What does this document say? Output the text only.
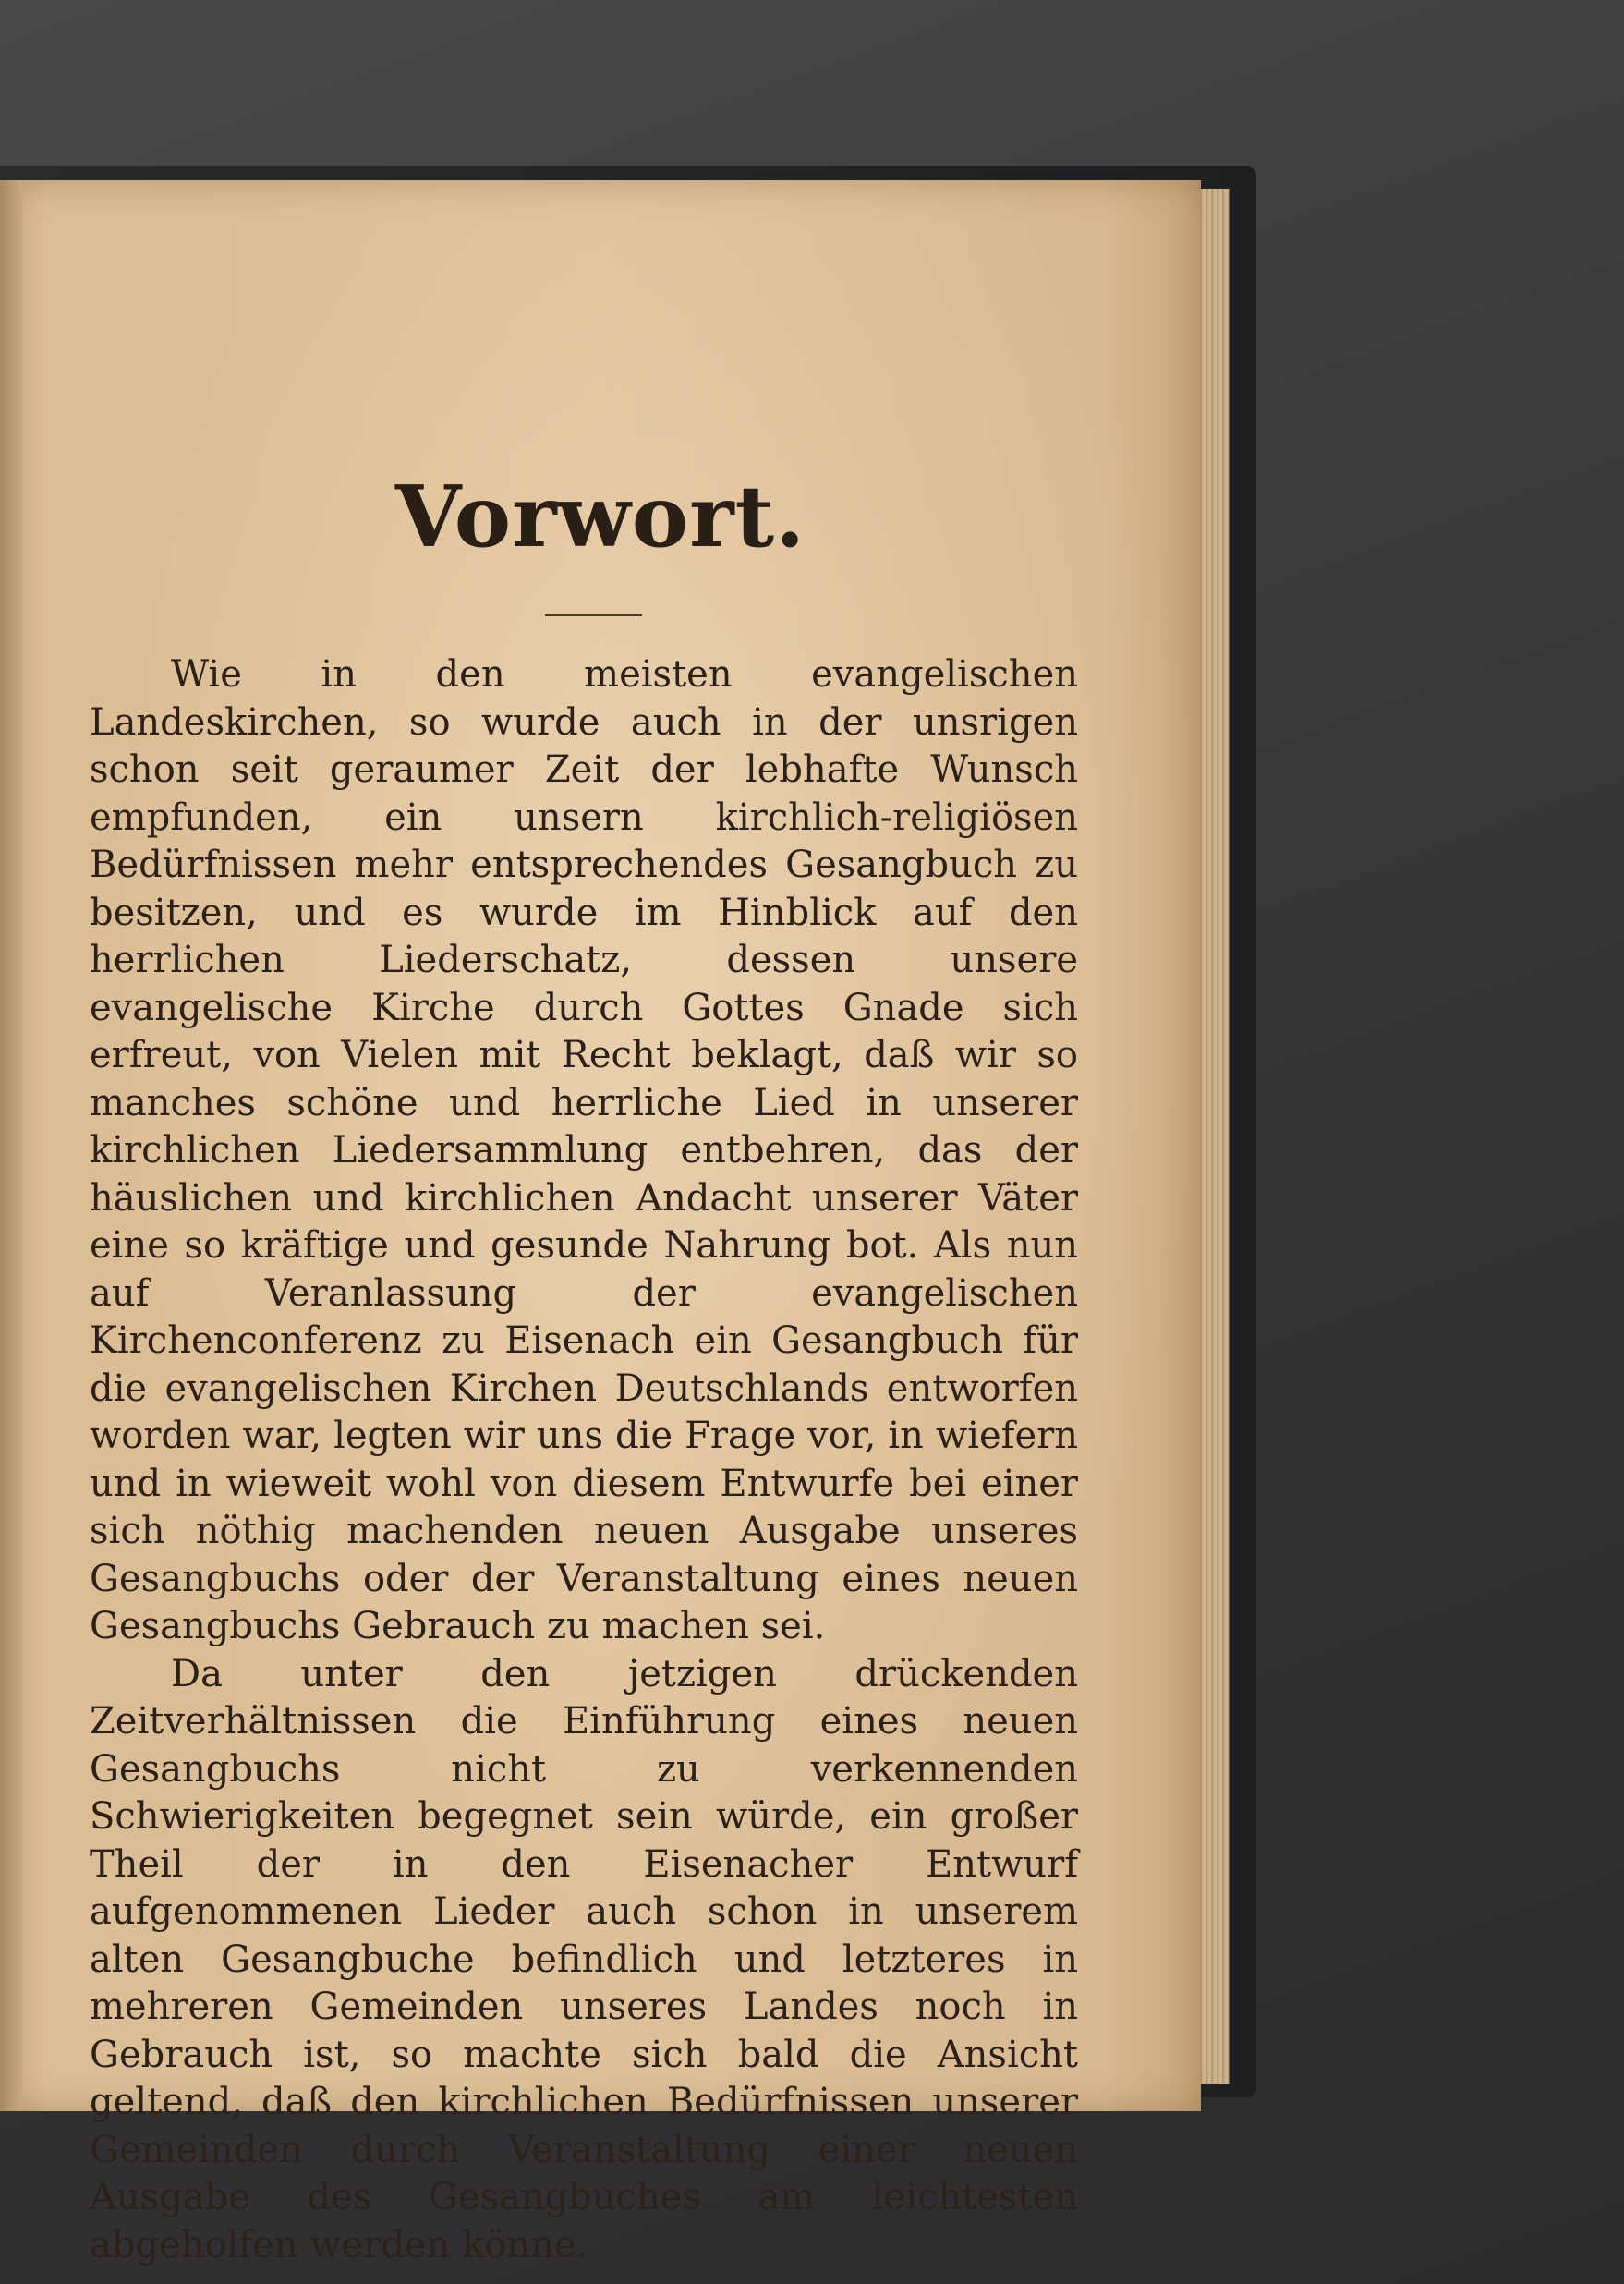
Vorwort.

Wie in den meisten evangelischen Landeskirchen, so wurde auch in der unsrigen schon seit geraumer Zeit der lebhafte Wunsch empfunden, ein unsern kirchlich-religiösen Bedürfnissen mehr entsprechendes Gesangbuch zu besitzen, und es wurde im Hinblick auf den herrlichen Liederschatz, dessen unsere evangelische Kirche durch Gottes Gnade sich erfreut, von Vielen mit Recht beklagt, daß wir so manches schöne und herrliche Lied in unserer kirchlichen Liedersammlung entbehren, das der häuslichen und kirchlichen Andacht unserer Väter eine so kräftige und gesunde Nahrung bot. Als nun auf Veranlassung der evangelischen Kirchenconferenz zu Eisenach ein Gesangbuch für die evangelischen Kirchen Deutschlands entworfen worden war, legten wir uns die Frage vor, in wiefern und in wieweit wohl von diesem Entwurfe bei einer sich nöthig machenden neuen Ausgabe unseres Gesangbuchs oder der Veranstaltung eines neuen Gesangbuchs Gebrauch zu machen sei.

Da unter den jetzigen drückenden Zeitverhältnissen die Einführung eines neuen Gesangbuchs nicht zu verkennenden Schwierigkeiten begegnet sein würde, ein großer Theil der in den Eisenacher Entwurf aufgenommenen Lieder auch schon in unserem alten Gesangbuche befindlich und letzteres in mehreren Gemeinden unseres Landes noch in Gebrauch ist, so machte sich bald die Ansicht geltend, daß den kirchlichen Bedürfnissen unserer Gemeinden durch Veranstaltung einer neuen Ausgabe des Gesangbuches am leichtesten abgeholfen werden könne.
